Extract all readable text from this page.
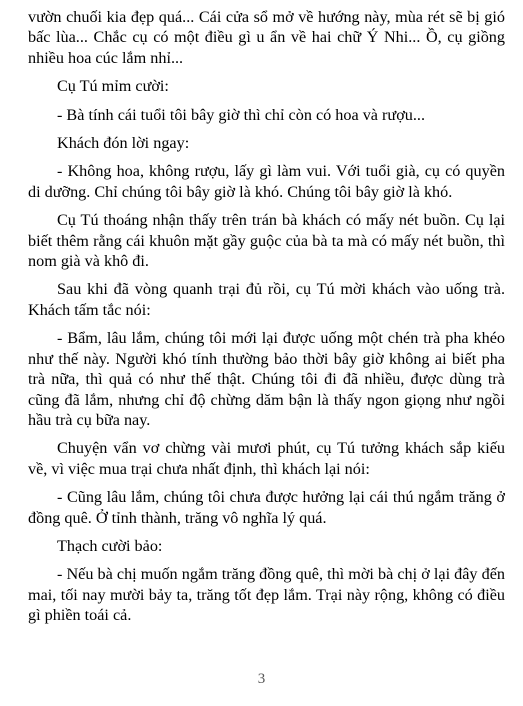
vườn chuối kia đẹp quá... Cái cửa sổ mở về hướng này, mùa rét sẽ bị gió bấc lùa... Chắc cụ có một điều gì u ẩn về hai chữ Ý Nhi... Ồ, cụ giồng nhiều hoa cúc lắm nhỉ...

Cụ Tú mỉm cười:

- Bà tính cái tuổi tôi bây giờ thì chỉ còn có hoa và rượu...

Khách đón lời ngay:

- Không hoa, không rượu, lấy gì làm vui. Với tuổi già, cụ có quyền di dưỡng. Chỉ chúng tôi bây giờ là khó. Chúng tôi bây giờ là khó.

Cụ Tú thoáng nhận thấy trên trán bà khách có mấy nét buồn. Cụ lại biết thêm rằng cái khuôn mặt gầy guộc của bà ta mà có mấy nét buồn, thì nom già và khô đi.

Sau khi đã vòng quanh trại đủ rồi, cụ Tú mời khách vào uống trà. Khách tấm tắc nói:

- Bẩm, lâu lắm, chúng tôi mới lại được uống một chén trà pha khéo như thế này. Người khó tính thường bảo thời bây giờ không ai biết pha trà nữa, thì quả có như thế thật. Chúng tôi đi đã nhiều, được dùng trà cũng đã lắm, nhưng chỉ độ chừng dăm bận là thấy ngon giọng như ngồi hầu trà cụ bữa nay.

Chuyện vẩn vơ chừng vài mươi phút, cụ Tú tưởng khách sắp kiếu về, vì việc mua trại chưa nhất định, thì khách lại nói:

- Cũng lâu lắm, chúng tôi chưa được hưởng lại cái thú ngắm trăng ở đồng quê. Ở tỉnh thành, trăng vô nghĩa lý quá.

Thạch cười bảo:

- Nếu bà chị muốn ngắm trăng đồng quê, thì mời bà chị ở lại đây đến mai, tối nay mười bảy ta, trăng tốt đẹp lắm. Trại này rộng, không có điều gì phiền toái cả.

3
